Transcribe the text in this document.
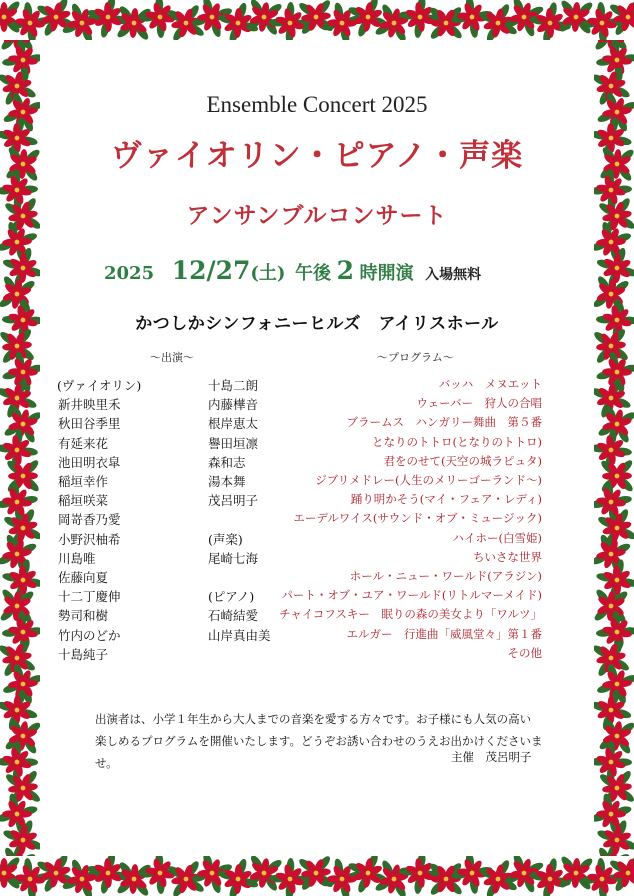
Ensemble Concert 2025
ヴァイオリン・ピアノ・声楽
アンサンブルコンサート
2025 12/27(土) 午後 2 時開演 入場無料
かつしかシンフォニーヒルズ　アイリスホール
～出演～	～プログラム～
(ヴァイオリン)	十島二朗
新井映里禾	内藤樺音
秋田谷季里	根岸恵太
有延来花	譽田垣凛
池田明衣皐	森和志
稲垣幸作	湯本舞
稲垣咲菜	茂呂明子
岡嵜香乃愛
小野沢柚希	(声楽)
川島唯	尾崎七海
佐藤向夏
十二丁慶伸	(ピアノ)
勢司和樹	石崎結愛
竹内のどか	山岸真由美
十島純子
バッハ　メヌエット
ウェーバー　狩人の合唱
ブラームス　ハンガリー舞曲　第５番
となりのトトロ(となりのトトロ)
君をのせて(天空の城ラピュタ)
ジブリメドレー(人生のメリーゴーランド～)
踊り明かそう(マイ・フェア・レディ)
エーデルワイス(サウンド・オブ・ミュージック)
ハイホー(白雪姫)
ちいさな世界
ホール・ニュー・ワールド(アラジン)
パート・オブ・ユア・ワールド(リトルマーメイド)
チャイコフスキー　眠りの森の美女より「ワルツ」
エルガー　行進曲「威風堂々」第１番
その他

出演者は、小学１年生から大人までの音楽を愛する方々です。お子様にも人気の高い

楽しめるプログラムを開催いたします。どうぞお誘い合わせのうえお出かけくださいませ。	主催　茂呂明子
